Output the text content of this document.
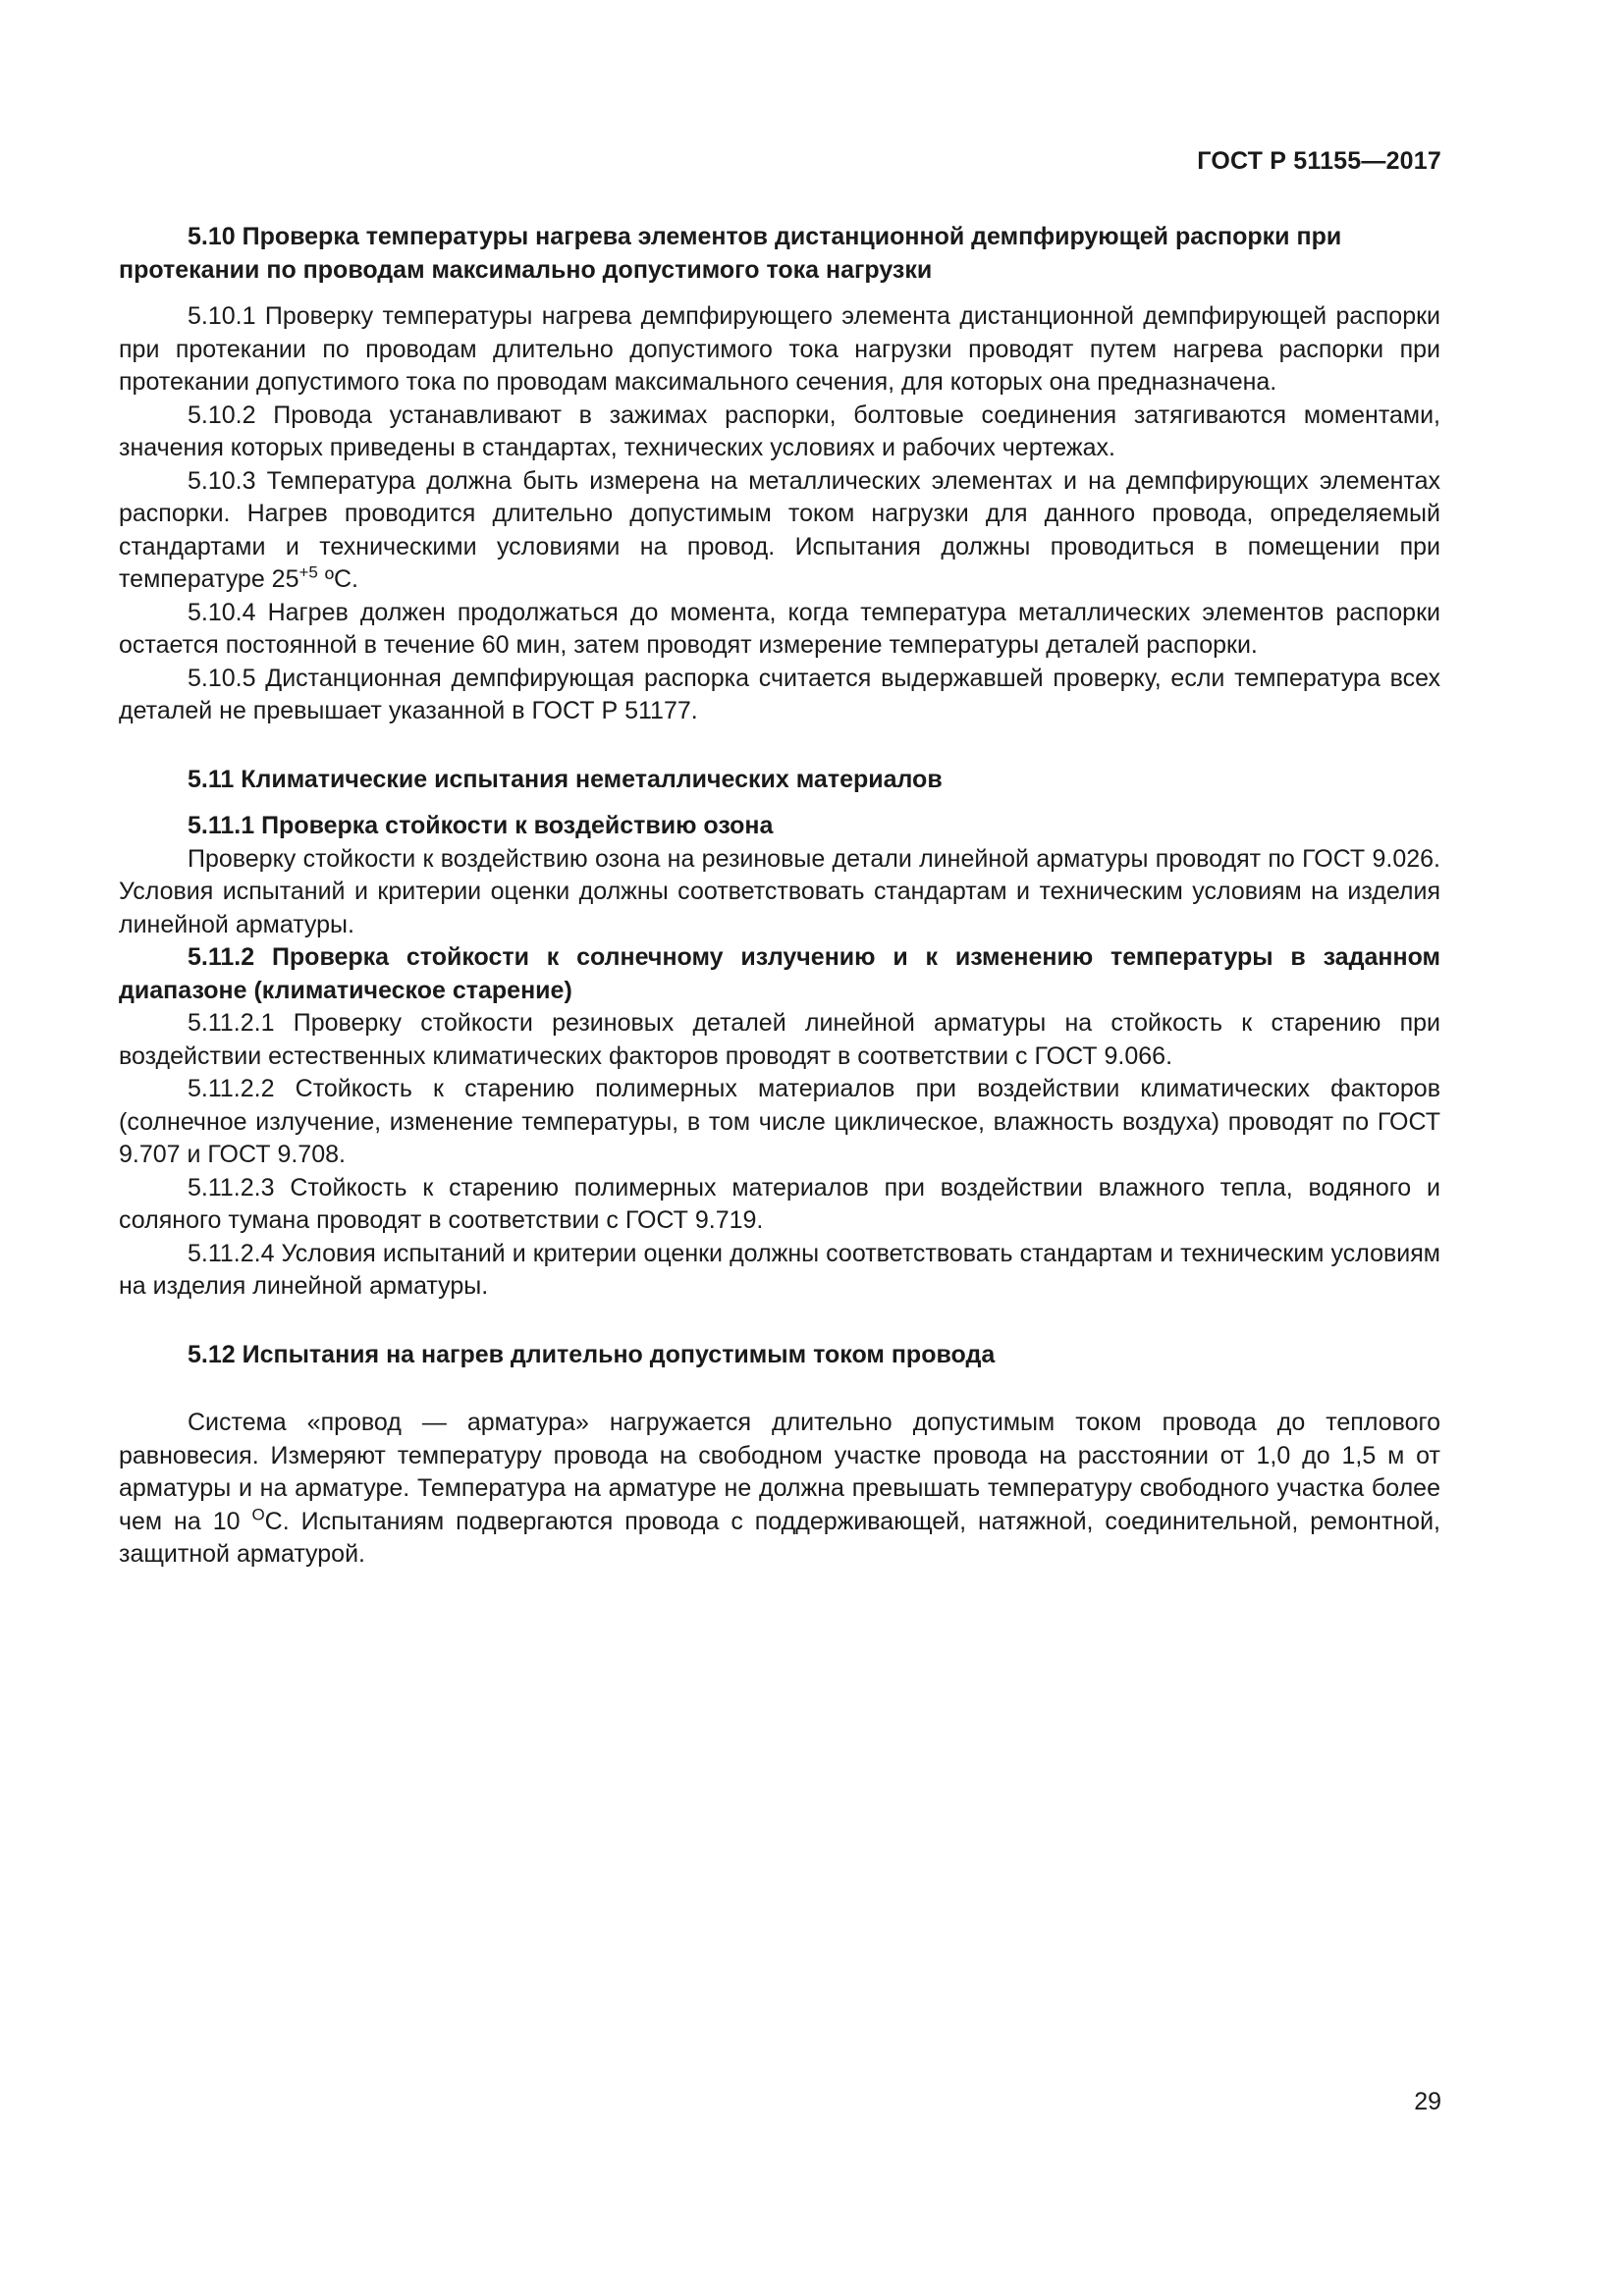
ГОСТ Р 51155—2017
5.10 Проверка температуры нагрева элементов дистанционной демпфирующей распорки при протекании по проводам максимально допустимого тока нагрузки
5.10.1 Проверку температуры нагрева демпфирующего элемента дистанционной демпфирующей распорки при протекании по проводам длительно допустимого тока нагрузки проводят путем нагрева распорки при протекании допустимого тока по проводам максимального сечения, для которых она предназначена.
5.10.2 Провода устанавливают в зажимах распорки, болтовые соединения затягиваются моментами, значения которых приведены в стандартах, технических условиях и рабочих чертежах.
5.10.3 Температура должна быть измерена на металлических элементах и на демпфирующих элементах распорки. Нагрев проводится длительно допустимым током нагрузки для данного провода, определяемый стандартами и техническими условиями на провод. Испытания должны проводиться в помещении при температуре $25^{+5}$ ºС.
5.10.4 Нагрев должен продолжаться до момента, когда температура металлических элементов распорки остается постоянной в течение 60 мин, затем проводят измерение температуры деталей распорки.
5.10.5 Дистанционная демпфирующая распорка считается выдержавшей проверку, если температура всех деталей не превышает указанной в ГОСТ Р 51177.
5.11 Климатические испытания неметаллических материалов
5.11.1 Проверка стойкости к воздействию озона
Проверку стойкости к воздействию озона на резиновые детали линейной арматуры проводят по ГОСТ 9.026. Условия испытаний и критерии оценки должны соответствовать стандартам и техническим условиям на изделия линейной арматуры.
5.11.2 Проверка стойкости к солнечному излучению и к изменению температуры в заданном диапазоне (климатическое старение)
5.11.2.1 Проверку стойкости резиновых деталей линейной арматуры на стойкость к старению при воздействии естественных климатических факторов проводят в соответствии с ГОСТ 9.066.
5.11.2.2 Стойкость к старению полимерных материалов при воздействии климатических факторов (солнечное излучение, изменение температуры, в том числе циклическое, влажность воздуха) проводят по ГОСТ 9.707 и ГОСТ 9.708.
5.11.2.3 Стойкость к старению полимерных материалов при воздействии влажного тепла, водяного и соляного тумана проводят в соответствии с ГОСТ 9.719.
5.11.2.4 Условия испытаний и критерии оценки должны соответствовать стандартам и техническим условиям на изделия линейной арматуры.
5.12 Испытания на нагрев длительно допустимым током провода
Система «провод — арматура» нагружается длительно допустимым током провода до теплового равновесия. Измеряют температуру провода на свободном участке провода на расстоянии от 1,0 до 1,5 м от арматуры и на арматуре. Температура на арматуре не должна превышать температуру свободного участка более чем на 10 $^О$С. Испытаниям подвергаются провода с поддерживающей, натяжной, соединительной, ремонтной, защитной арматурой.
29
